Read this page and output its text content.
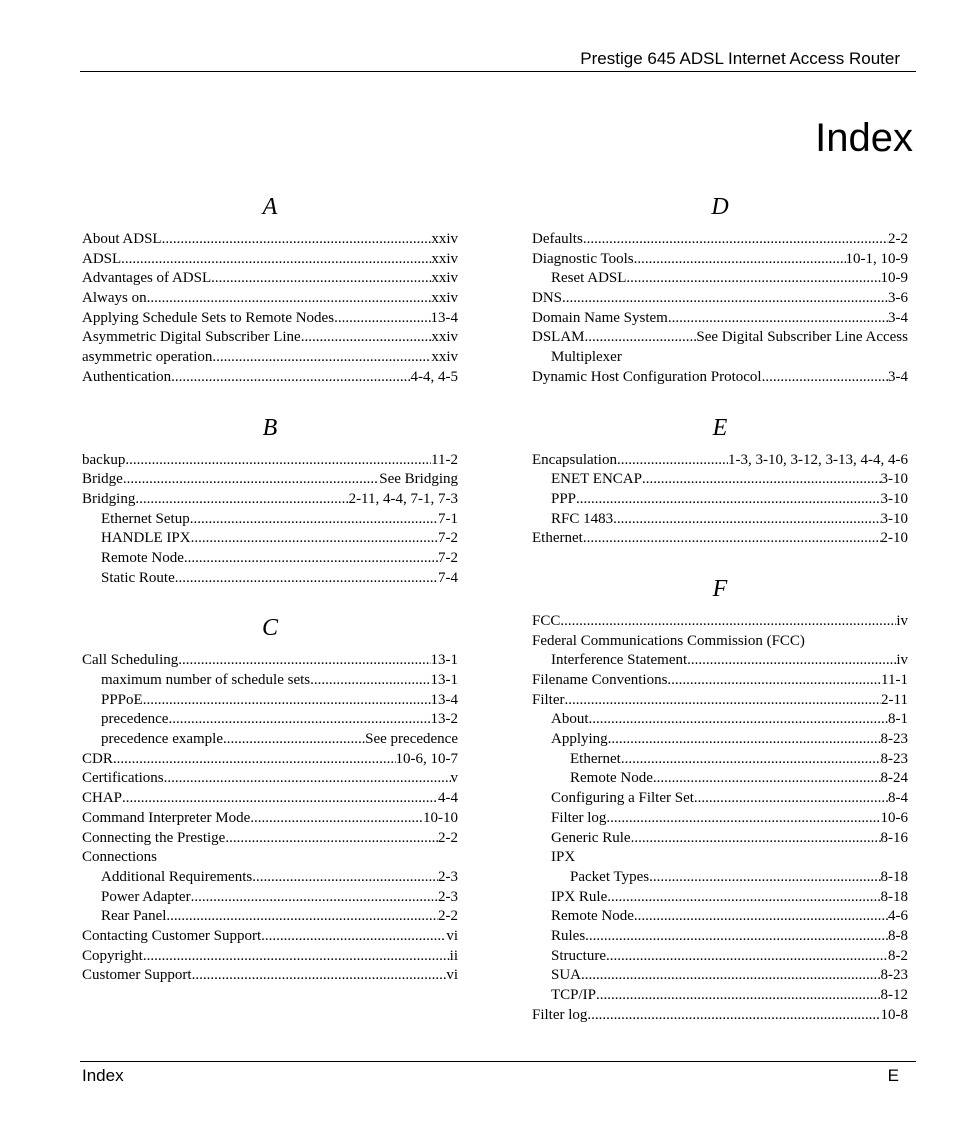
Prestige 645 ADSL Internet Access Router
Index
A
About ADSL .....	xxiv
ADSL .....	xxiv
Advantages of ADSL .....	xxiv
Always on .....	xxiv
Applying Schedule Sets to Remote Nodes .....	13-4
Asymmetric Digital Subscriber Line .....	xxiv
asymmetric operation .....	xxiv
Authentication .....	4-4, 4-5
B
backup .....	11-2
Bridge .....	See Bridging
Bridging .....	2-11, 4-4, 7-1, 7-3
Ethernet Setup .....	7-1
HANDLE IPX .....	7-2
Remote Node .....	7-2
Static Route .....	7-4
C
Call Scheduling .....	13-1
maximum number of schedule sets .....	13-1
PPPoE .....	13-4
precedence .....	13-2
precedence example .....	See precedence
CDR .....	10-6, 10-7
Certifications .....	v
CHAP .....	4-4
Command Interpreter Mode .....	10-10
Connecting the Prestige .....	2-2
Connections
Additional Requirements .....	2-3
Power Adapter .....	2-3
Rear Panel .....	2-2
Contacting Customer Support .....	vi
Copyright .....	ii
Customer Support .....	vi
D
Defaults .....	2-2
Diagnostic Tools .....	10-1, 10-9
Reset ADSL .....	10-9
DNS .....	3-6
Domain Name System .....	3-4
DSLAM .....	See Digital Subscriber Line Access
Multiplexer
Dynamic Host Configuration Protocol .....	3-4
E
Encapsulation .....	1-3, 3-10, 3-12, 3-13, 4-4, 4-6
ENET ENCAP .....	3-10
PPP .....	3-10
RFC 1483 .....	3-10
Ethernet .....	2-10
F
FCC .....	iv
Federal Communications Commission (FCC)
Interference Statement .....	iv
Filename Conventions .....	11-1
Filter .....	2-11
About .....	8-1
Applying .....	8-23
Ethernet .....	8-23
Remote Node .....	8-24
Configuring a Filter Set .....	8-4
Filter log .....	10-6
Generic Rule .....	8-16
IPX
Packet Types .....	8-18
IPX Rule .....	8-18
Remote Node .....	4-6
Rules .....	8-8
Structure .....	8-2
SUA .....	8-23
TCP/IP .....	8-12
Filter log .....	10-8
Index	E
